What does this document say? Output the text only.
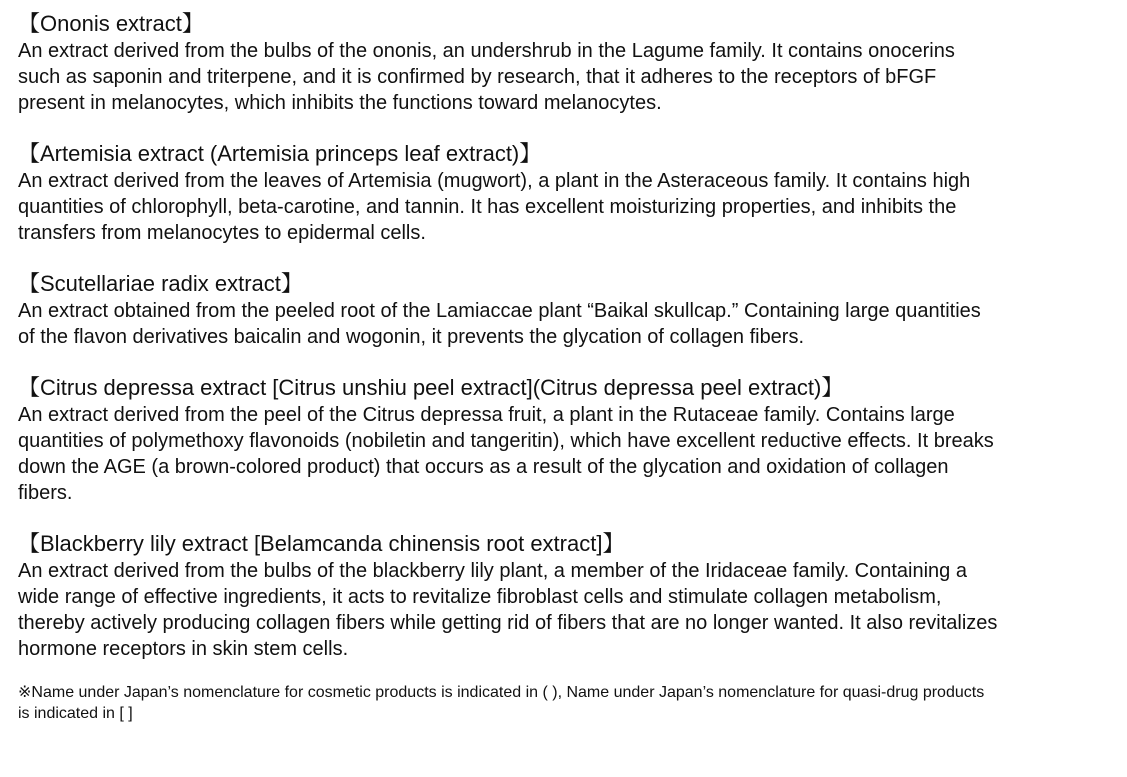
【Ononis extract】

An extract derived from the bulbs of the ononis, an undershrub in the Lagume family. It contains onocerins
such as saponin and triterpene, and it is confirmed by research, that it adheres to the receptors of bFGF
present in melanocytes, which inhibits the functions toward melanocytes.

【Artemisia extract (Artemisia princeps leaf extract)】

An extract derived from the leaves of Artemisia (mugwort), a plant in the Asteraceous family. It contains high
quantities of chlorophyll, beta-carotine, and tannin. It has excellent moisturizing properties, and inhibits the
transfers from melanocytes to epidermal cells.

【Scutellariae radix extract】

An extract obtained from the peeled root of the Lamiaccae plant “Baikal skullcap.” Containing large quantities
of the flavon derivatives baicalin and wogonin, it prevents the glycation of collagen fibers.

【Citrus depressa extract [Citrus unshiu peel extract](Citrus depressa peel extract)】

An extract derived from the peel of the Citrus depressa fruit, a plant in the Rutaceae family. Contains large
quantities of polymethoxy flavonoids (nobiletin and tangeritin), which have excellent reductive effects. It breaks
down the AGE (a brown-colored product) that occurs as a result of the glycation and oxidation of collagen
fibers.

【Blackberry lily extract [Belamcanda chinensis root extract]】

An extract derived from the bulbs of the blackberry lily plant, a member of the Iridaceae family. Containing a
wide range of effective ingredients, it acts to revitalize fibroblast cells and stimulate collagen metabolism,
thereby actively producing collagen fibers while getting rid of fibers that are no longer wanted. It also revitalizes
hormone receptors in skin stem cells.

※Name under Japan’s nomenclature for cosmetic products is indicated in ( ), Name under Japan’s nomenclature for quasi-drug products
is indicated in [ ]
